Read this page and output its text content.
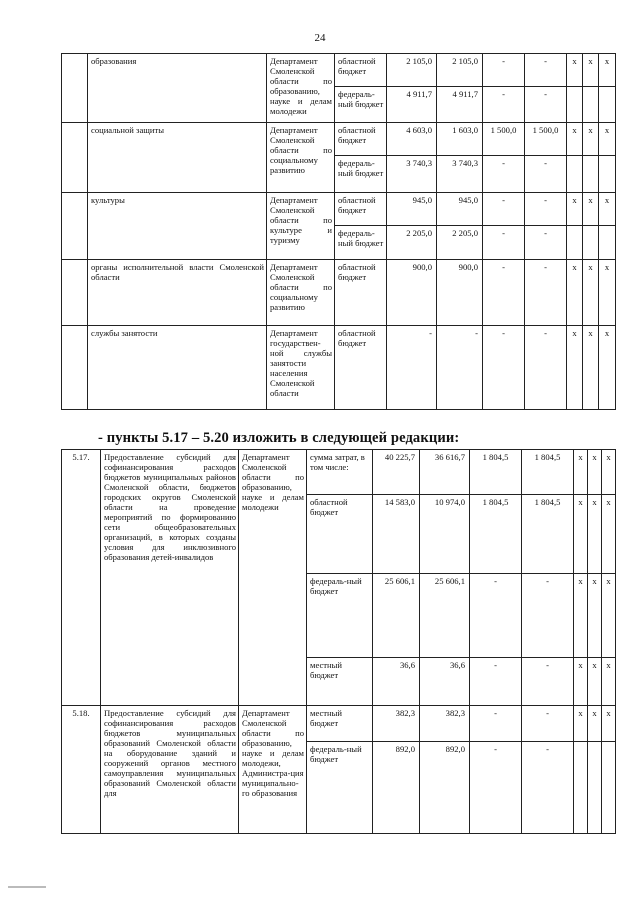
24
	образования	Департамент Смоленской области по образованию, науке и делам молодежи	областной бюджет	2 105,0	2 105,0	-	-	x	x	x
			федераль-ный бюджет	4 911,7	4 911,7	-	-			
	социальной защиты	Департамент Смоленской области по социальному развитию	областной бюджет	4 603,0	1 603,0	1 500,0	1 500,0	x	x	x
			федераль-ный бюджет	3 740,3	3 740,3	-	-			
	культуры	Департамент Смоленской области по культуре и туризму	областной бюджет	945,0	945,0	-	-	x	x	x
			федераль-ный бюджет	2 205,0	2 205,0	-	-			
	органы исполнительной власти Смоленской области	Департамент Смоленской области по социальному развитию	областной бюджет	900,0	900,0	-	-	x	x	x
	службы занятости	Департамент государствен-ной службы занятости населения Смоленской области	областной бюджет	-	-	-	-	x	x	x
- пункты 5.17 – 5.20 изложить в следующей редакции:
5.17.	Предоставление субсидий для софинансирования расходов бюджетов муниципальных районов Смоленской области, бюджетов городских округов Смоленской области на проведение мероприятий по формированию сети общеобразовательных организаций, в которых созданы условия для инклюзивного образования детей-инвалидов	Департамент Смоленской области по образованию, науке и делам молодежи	сумма затрат, в том числе:	40 225,7	36 616,7	1 804,5	1 804,5	x	x	x
			областной бюджет	14 583,0	10 974,0	1 804,5	1 804,5	x	x	x
			федераль-ный бюджет	25 606,1	25 606,1	-	-	x	x	x
			местный бюджет	36,6	36,6	-	-	x	x	x
5.18.	Предоставление субсидий для софинансирования расходов бюджетов муниципальных образований Смоленской области на оборудование зданий и сооружений органов местного самоуправления муниципальных образований Смоленской области для	Департамент Смоленской области по образованию, науке и делам молодежи, Администра-ция муниципально-го образования	местный бюджет	382,3	382,3	-	-	x	x	x
			федераль-ный бюджет	892,0	892,0	-	-			
